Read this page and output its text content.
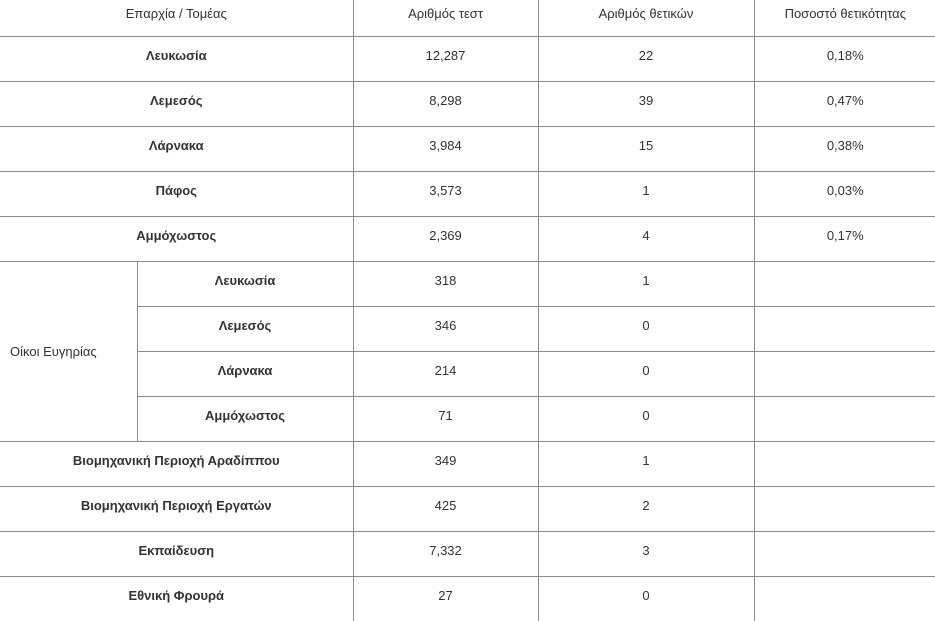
Επαρχία / Τομέας		Αριθμός τεστ	Αριθμός θετικών	Ποσοστό θετικότητας
Λευκωσία		12,287	22	0,18%
Λεμεσός		8,298	39	0,47%
Λάρνακα		3,984	15	0,38%
Πάφος		3,573	1	0,03%
Αμμόχωστος		2,369	4	0,17%
Οίκοι Ευγηρίας	Λευκωσία	318	1	
	Λεμεσός	346	0	
	Λάρνακα	214	0	
	Αμμόχωστος	71	0	
Βιομηχανική Περιοχή Αραδίππου		349	1	
Βιομηχανική Περιοχή Εργατών		425	2	
Εκπαίδευση		7,332	3	
Εθνική Φρουρά		27	0	
